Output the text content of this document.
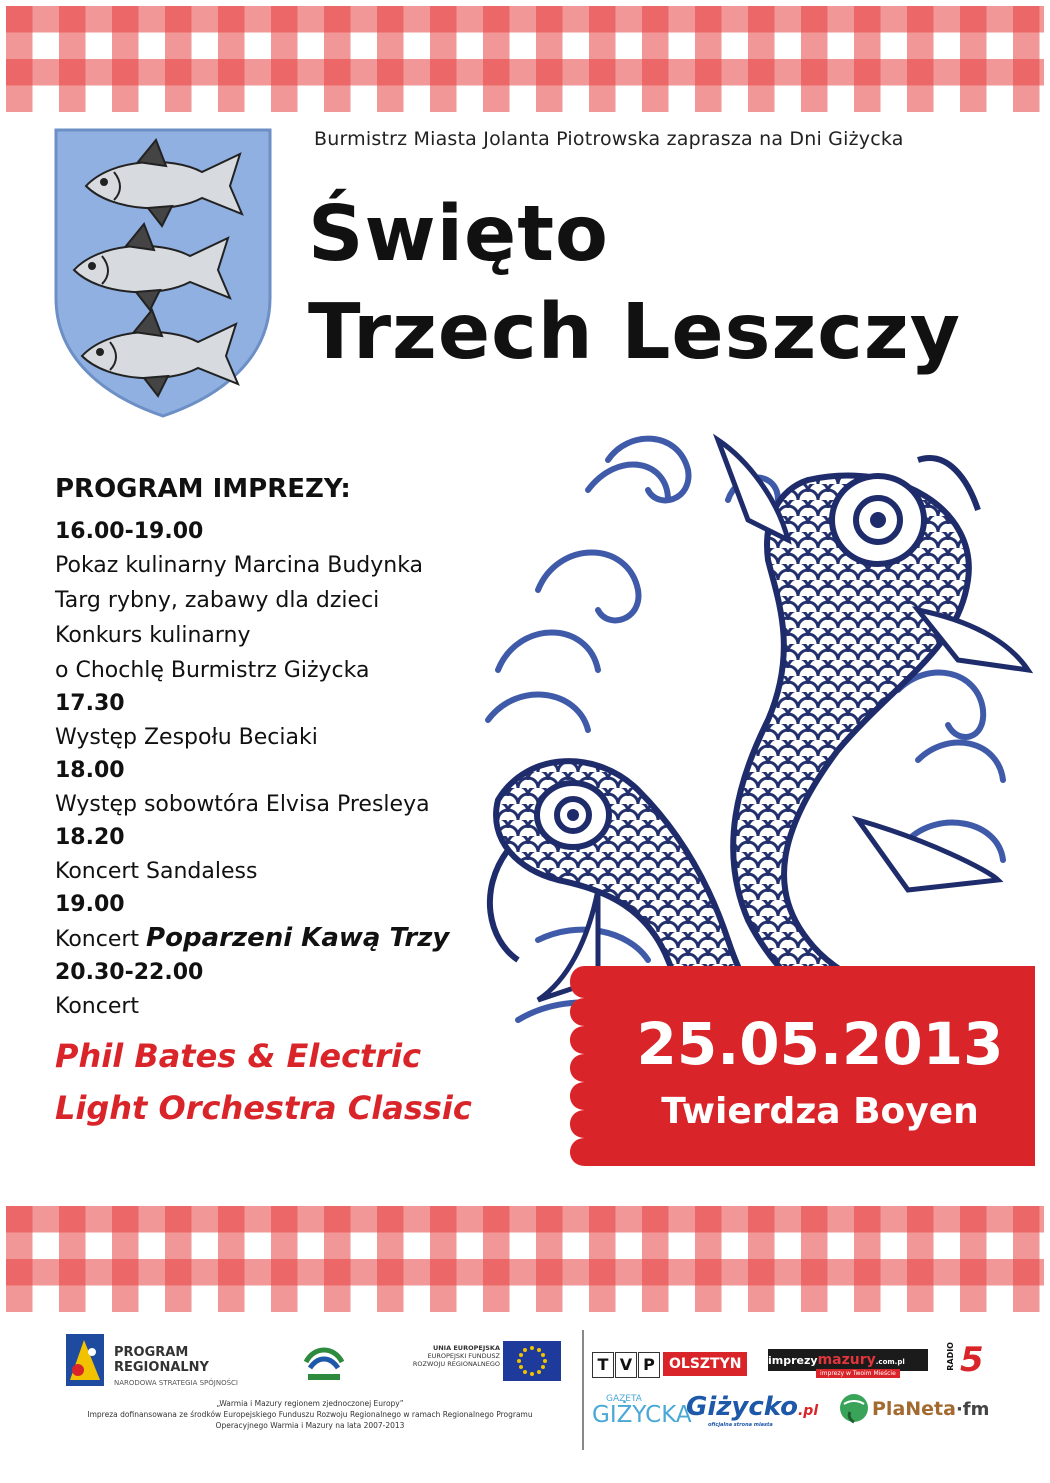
Burmistrz Miasta Jolanta Piotrowska zaprasza na Dni Giżycka
Święto
Trzech Leszczy
PROGRAM IMPREZY:
16.00-19.00
Pokaz kulinarny Marcina Budynka
Targ rybny, zabawy dla dzieci
Konkurs kulinarny
o Chochlę Burmistrz Giżycka
17.30
Występ Zespołu Beciaki
18.00
Występ sobowtóra Elvisa Presleya
18.20
Koncert Sandaless
19.00
Koncert Poparzeni Kawą Trzy
20.30-22.00
Koncert
Phil Bates & Electric
Light Orchestra Classic
25.05.2013
Twierdza Boyen
PROGRAM
REGIONALNY
NARODOWA STRATEGIA SPÓJNOŚCI
UNIA EUROPEJSKA
EUROPEJSKI FUNDUSZ
ROZWOJU REGIONALNEGO
„Warmia i Mazury regionem zjednoczonej Europy”
Impreza dofinansowana ze środków Europejskiego Funduszu Rozwoju Regionalnego w ramach Regionalnego Programu
Operacyjnego Warmia i Mazury na lata 2007-2013
T V P	OLSZTYN	imprezymazury.com.pl
imprezy w Twoim Mieście
RADIO 5
GAZETA
GIŻYCKA
Giżycko.pl
oficjalna strona miasta
PlaNeta·fm
